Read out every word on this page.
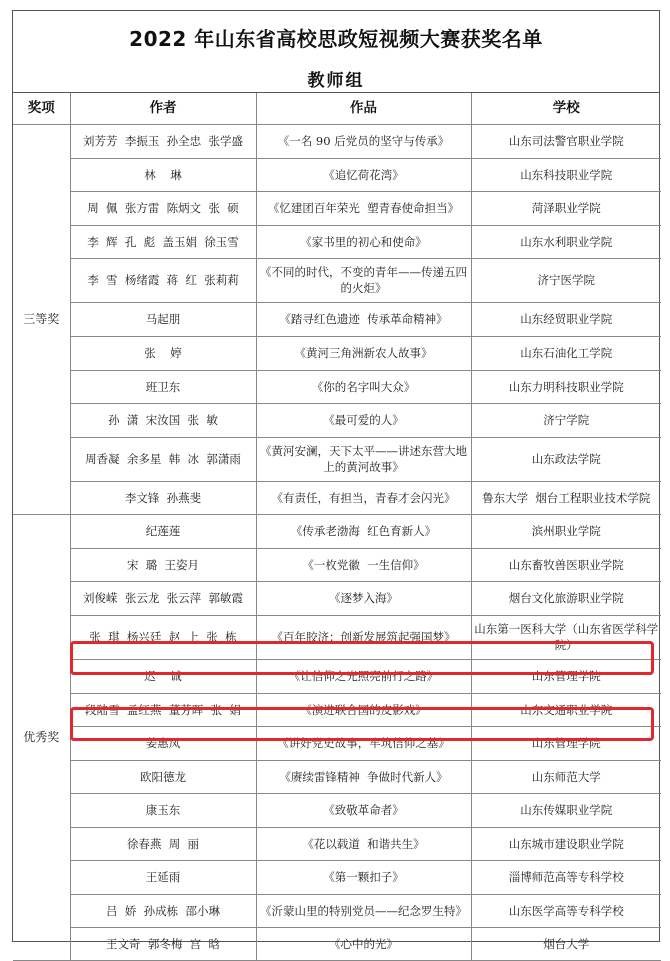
2022 年山东省高校思政短视频大赛获奖名单
教师组
奖项	作者	作品	学校
三等奖	刘芳芳  李振玉  孙全忠  张学盛	《一名 90 后党员的坚守与传承》	山东司法警官职业学院
	林    琳	《追忆荷花湾》	山东科技职业学院
	周  佩  张方雷  陈炳文  张  硕	《忆建团百年荣光  塑青春使命担当》	菏泽职业学院
	李  辉  孔  彪  盖玉娟  徐玉雪	《家书里的初心和使命》	山东水利职业学院
	李  雪  杨绪霞  蒋  红  张莉莉	《不同的时代，不变的青年——传递五四的火炬》	济宁医学院
	马起朋	《踏寻红色遗迹  传承革命精神》	山东经贸职业学院
	张    婷	《黄河三角洲新农人故事》	山东石油化工学院
	班卫东	《你的名字叫大众》	山东力明科技职业学院
	孙  潇  宋汝国  张  敏	《最可爱的人》	济宁学院
	周香凝  余多星  韩  冰  郭潇雨	《黄河安澜，天下太平——讲述东营大地上的黄河故事》	山东政法学院
	李文锋  孙燕斐	《有责任，有担当，青春才会闪光》	鲁东大学  烟台工程职业技术学院
优秀奖	纪莲莲	《传承老渤海  红色育新人》	滨州职业学院
	宋  璐  王姿月	《一枚党徽  一生信仰》	山东畜牧兽医职业学院
	刘俊嵘  张云龙  张云萍  郭敏霞	《逐梦入海》	烟台文化旅游职业学院
	张  琪  杨兴廷  赵  上  张  栋	《百年胶济：创新发展筑起强国梦》	山东第一医科大学（山东省医学科学院）
	迟    诚	《让信仰之光照亮前行之路》	山东管理学院
	段陆雪  孟红燕  董芳晖  张  娟	《演进联合国的皮影戏》	山东交通职业学院
	姜惠凤	《讲好党史故事，牢筑信仰之基》	山东管理学院
	欧阳德龙	《赓续雷锋精神  争做时代新人》	山东师范大学
	康玉东	《致敬革命者》	山东传媒职业学院
	徐春燕  周  丽	《花以载道  和谐共生》	山东城市建设职业学院
	王延雨	《第一颗扣子》	淄博师范高等专科学校
	吕  娇  孙成栋  邵小琳	《沂蒙山里的特别党员——纪念罗生特》	山东医学高等专科学校
	王文奇  郭冬梅  宫  晗	《心中的光》	烟台大学
